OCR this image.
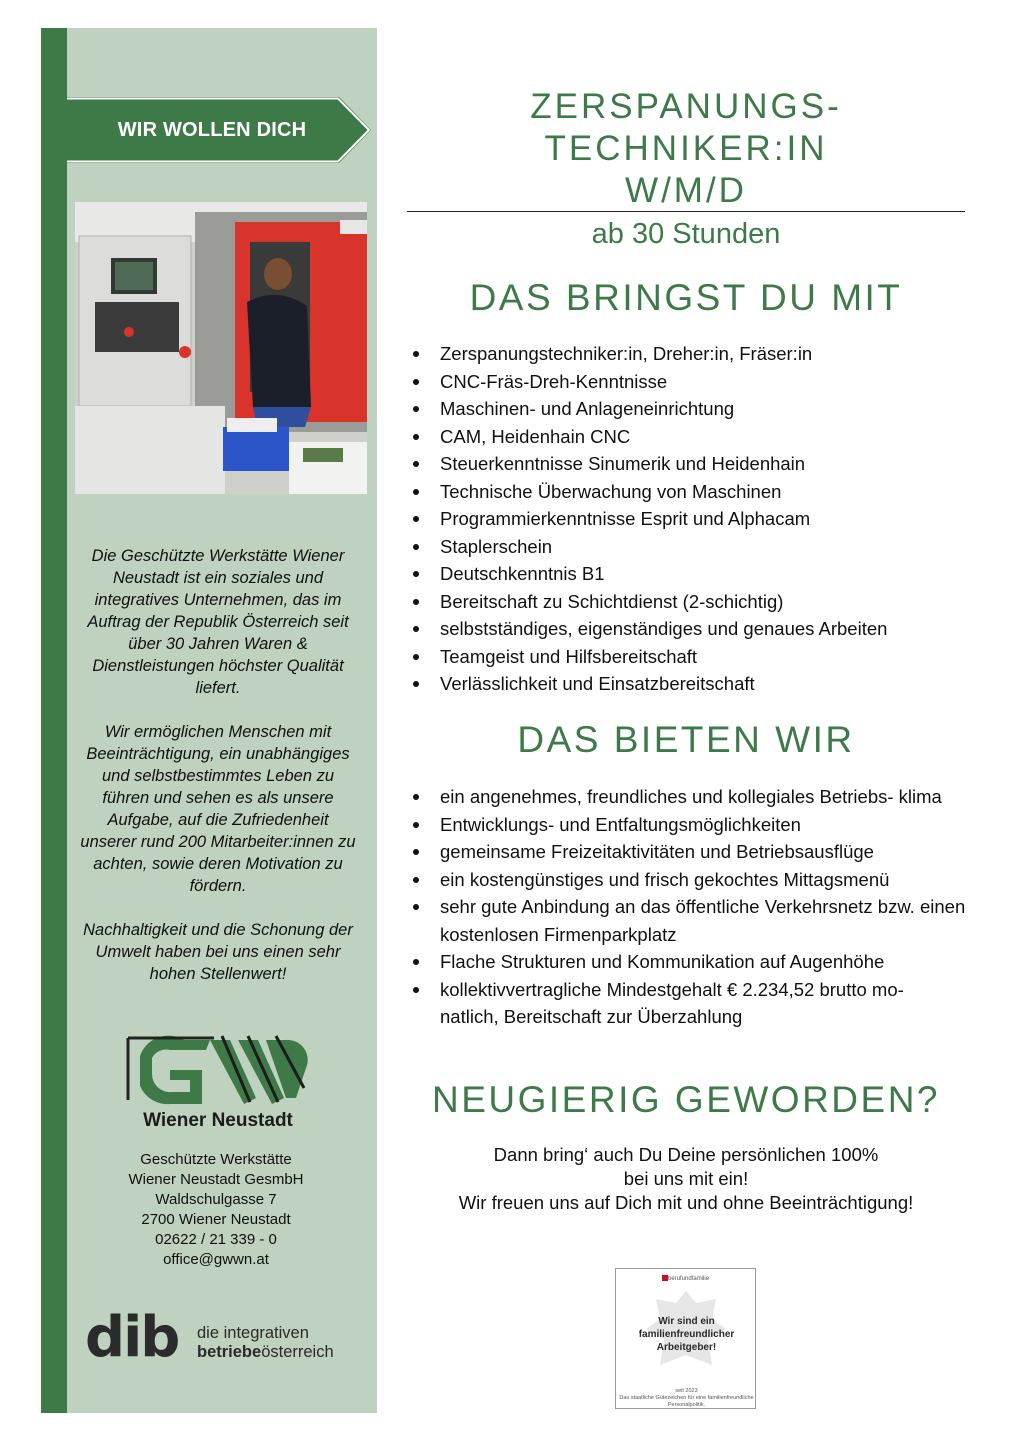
WIR WOLLEN DICH

Die Geschützte Werkstätte Wiener Neustadt ist ein soziales und integratives Unternehmen, das im Auftrag der Republik Österreich seit über 30 Jahren Waren & Dienstleistungen höchster Qualität liefert.

Wir ermöglichen Menschen mit Beeinträchtigung, ein unabhängiges und selbstbestimmtes Leben zu führen und sehen es als unsere Aufgabe, auf die Zufriedenheit unserer rund 200 Mitarbeiter:innen zu achten, sowie deren Motivation zu fördern.

Nachhaltigkeit und die Schonung der Umwelt haben bei uns einen sehr hohen Stellenwert!

Wiener Neustadt
Geschützte Werkstätte
Wiener Neustadt GesmbH
Waldschulgasse 7
2700 Wiener Neustadt
02622 / 21 339 - 0
office@gwwn.at
dib die integrativen
betriebeösterreich
ZERSPANUNGS-
TECHNIKER:IN
W/M/D
ab 30 Stunden
DAS BRINGST DU MIT
Zerspanungstechniker:in, Dreher:in, Fräser:in
CNC-Fräs-Dreh-Kenntnisse
Maschinen- und Anlageneinrichtung
CAM, Heidenhain CNC
Steuerkenntnisse Sinumerik und Heidenhain
Technische Überwachung von Maschinen
Programmierkenntnisse Esprit und Alphacam
Staplerschein
Deutschkenntnis B1
Bereitschaft zu Schichtdienst (2-schichtig)
selbstständiges, eigenständiges und genaues Arbeiten
Teamgeist und Hilfsbereitschaft
Verlässlichkeit und Einsatzbereitschaft
DAS BIETEN WIR
ein angenehmes, freundliches und kollegiales Betriebs- klima
Entwicklungs- und Entfaltungsmöglichkeiten
gemeinsame Freizeitaktivitäten und Betriebsausflüge
ein kostengünstiges und frisch gekochtes Mittagsmenü
sehr gute Anbindung an das öffentliche Verkehrsnetz bzw. einen kostenlosen Firmenparkplatz
Flache Strukturen und Kommunikation auf Augenhöhe
kollektivvertragliche Mindestgehalt € 2.234,52 brutto mo- natlich, Bereitschaft zur Überzahlung
NEUGIERIG GEWORDEN?
Dann bring‘ auch Du Deine persönlichen 100%
bei uns mit ein!
Wir freuen uns auf Dich mit und ohne Beeinträchtigung!
berufundfamilie
Wir sind ein
familienfreundlicher
Arbeitgeber!
seit 2023
Das staatliche Gütezeichen für eine familienfreundliche Personalpolitik.
